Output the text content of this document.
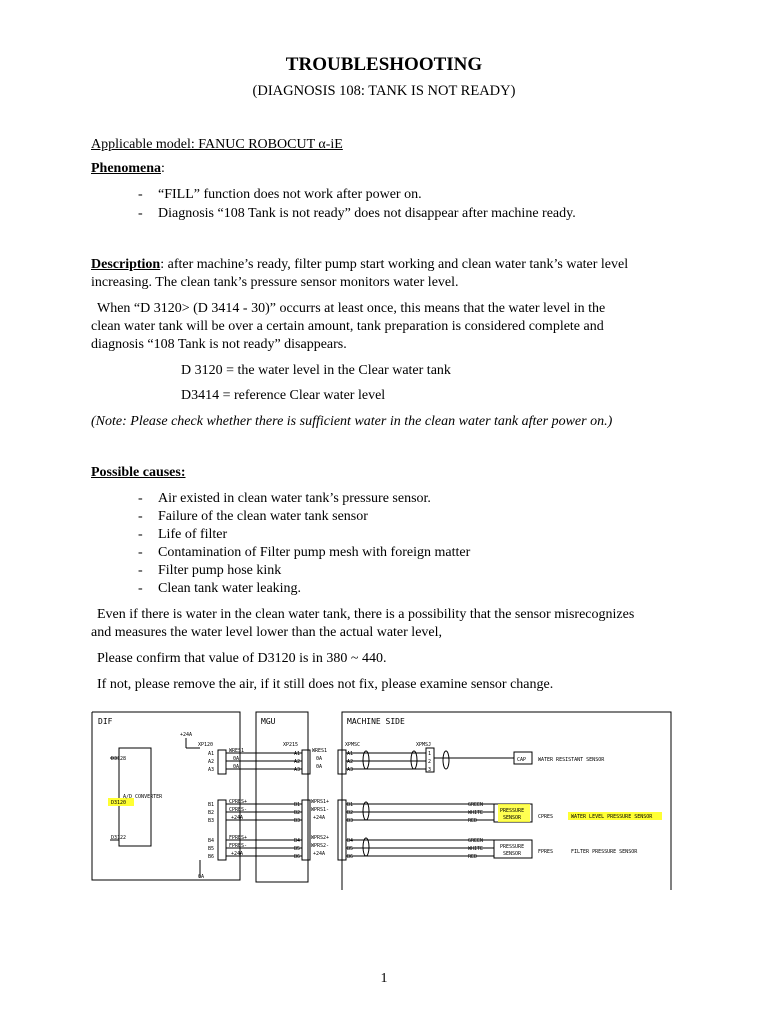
TROUBLESHOOTING
(DIAGNOSIS 108: TANK IS NOT READY)
Applicable model: FANUC ROBOCUT α-iE
Phenomena:
- “FILL” function does not work after power on.
- Diagnosis “108 Tank is not ready” does not disappear after machine ready.
Description: after machine’s ready, filter pump start working and clean water tank’s water level
increasing. The clean tank’s pressure sensor monitors water level.
When “D 3120> (D 3414 - 30)” occurrs at least once, this means that the water level in the
clean water tank will be over a certain amount, tank preparation is considered complete and
diagnosis “108 Tank is not ready” disappears.
D 3120 = the water level in the Clear water tank
D3414 = reference Clear water level
(Note: Please check whether there is sufficient water in the clean water tank after power on.)
Possible causes:
- Air existed in clean water tank’s pressure sensor.
- Failure of the clean water tank sensor
- Life of filter
- Contamination of Filter pump mesh with foreign matter
- Filter pump hose kink
- Clean tank water leaking.
Even if there is water in the clean water tank, there is a possibility that the sensor misrecognizes
and measures the water level lower than the actual water level,
Please confirm that value of D3120 is in 380 ~ 440.
If not, please remove the air, if it still does not fix, please examine sensor change.
DIF	MGU	MACHINE SIDE
A/D CONVERTER
D3128
D3120
D3122
+24A
0A
XP120	XP215	XPMSC	XPMSJ
A1
A2
A3
B1
B2
B3
B4
B5
B6
WRES1
0A
0A
CPRES+
CPRES-
+24A
FPRES+
FPRES-
+24A
A1
A2
A3
B1
B2
B3
B4
B5
B6
WRES1
0A
0A
WPRS1+
WPRS1-
+24A
WPRS2+
WPRS2-
+24A
A1
A2
A3
B1
B2
B3
B4
B5
B6
1
2
3
CAP WATER RESISTANT SENSOR
GREEN
WHITE
RED
GREEN
WHITE
RED
PRESSURE
SENSOR
PRESSURE
SENSOR
CPRES
FPRES
WATER LEVEL PRESSURE SENSOR
FILTER PRESSURE SENSOR
1
